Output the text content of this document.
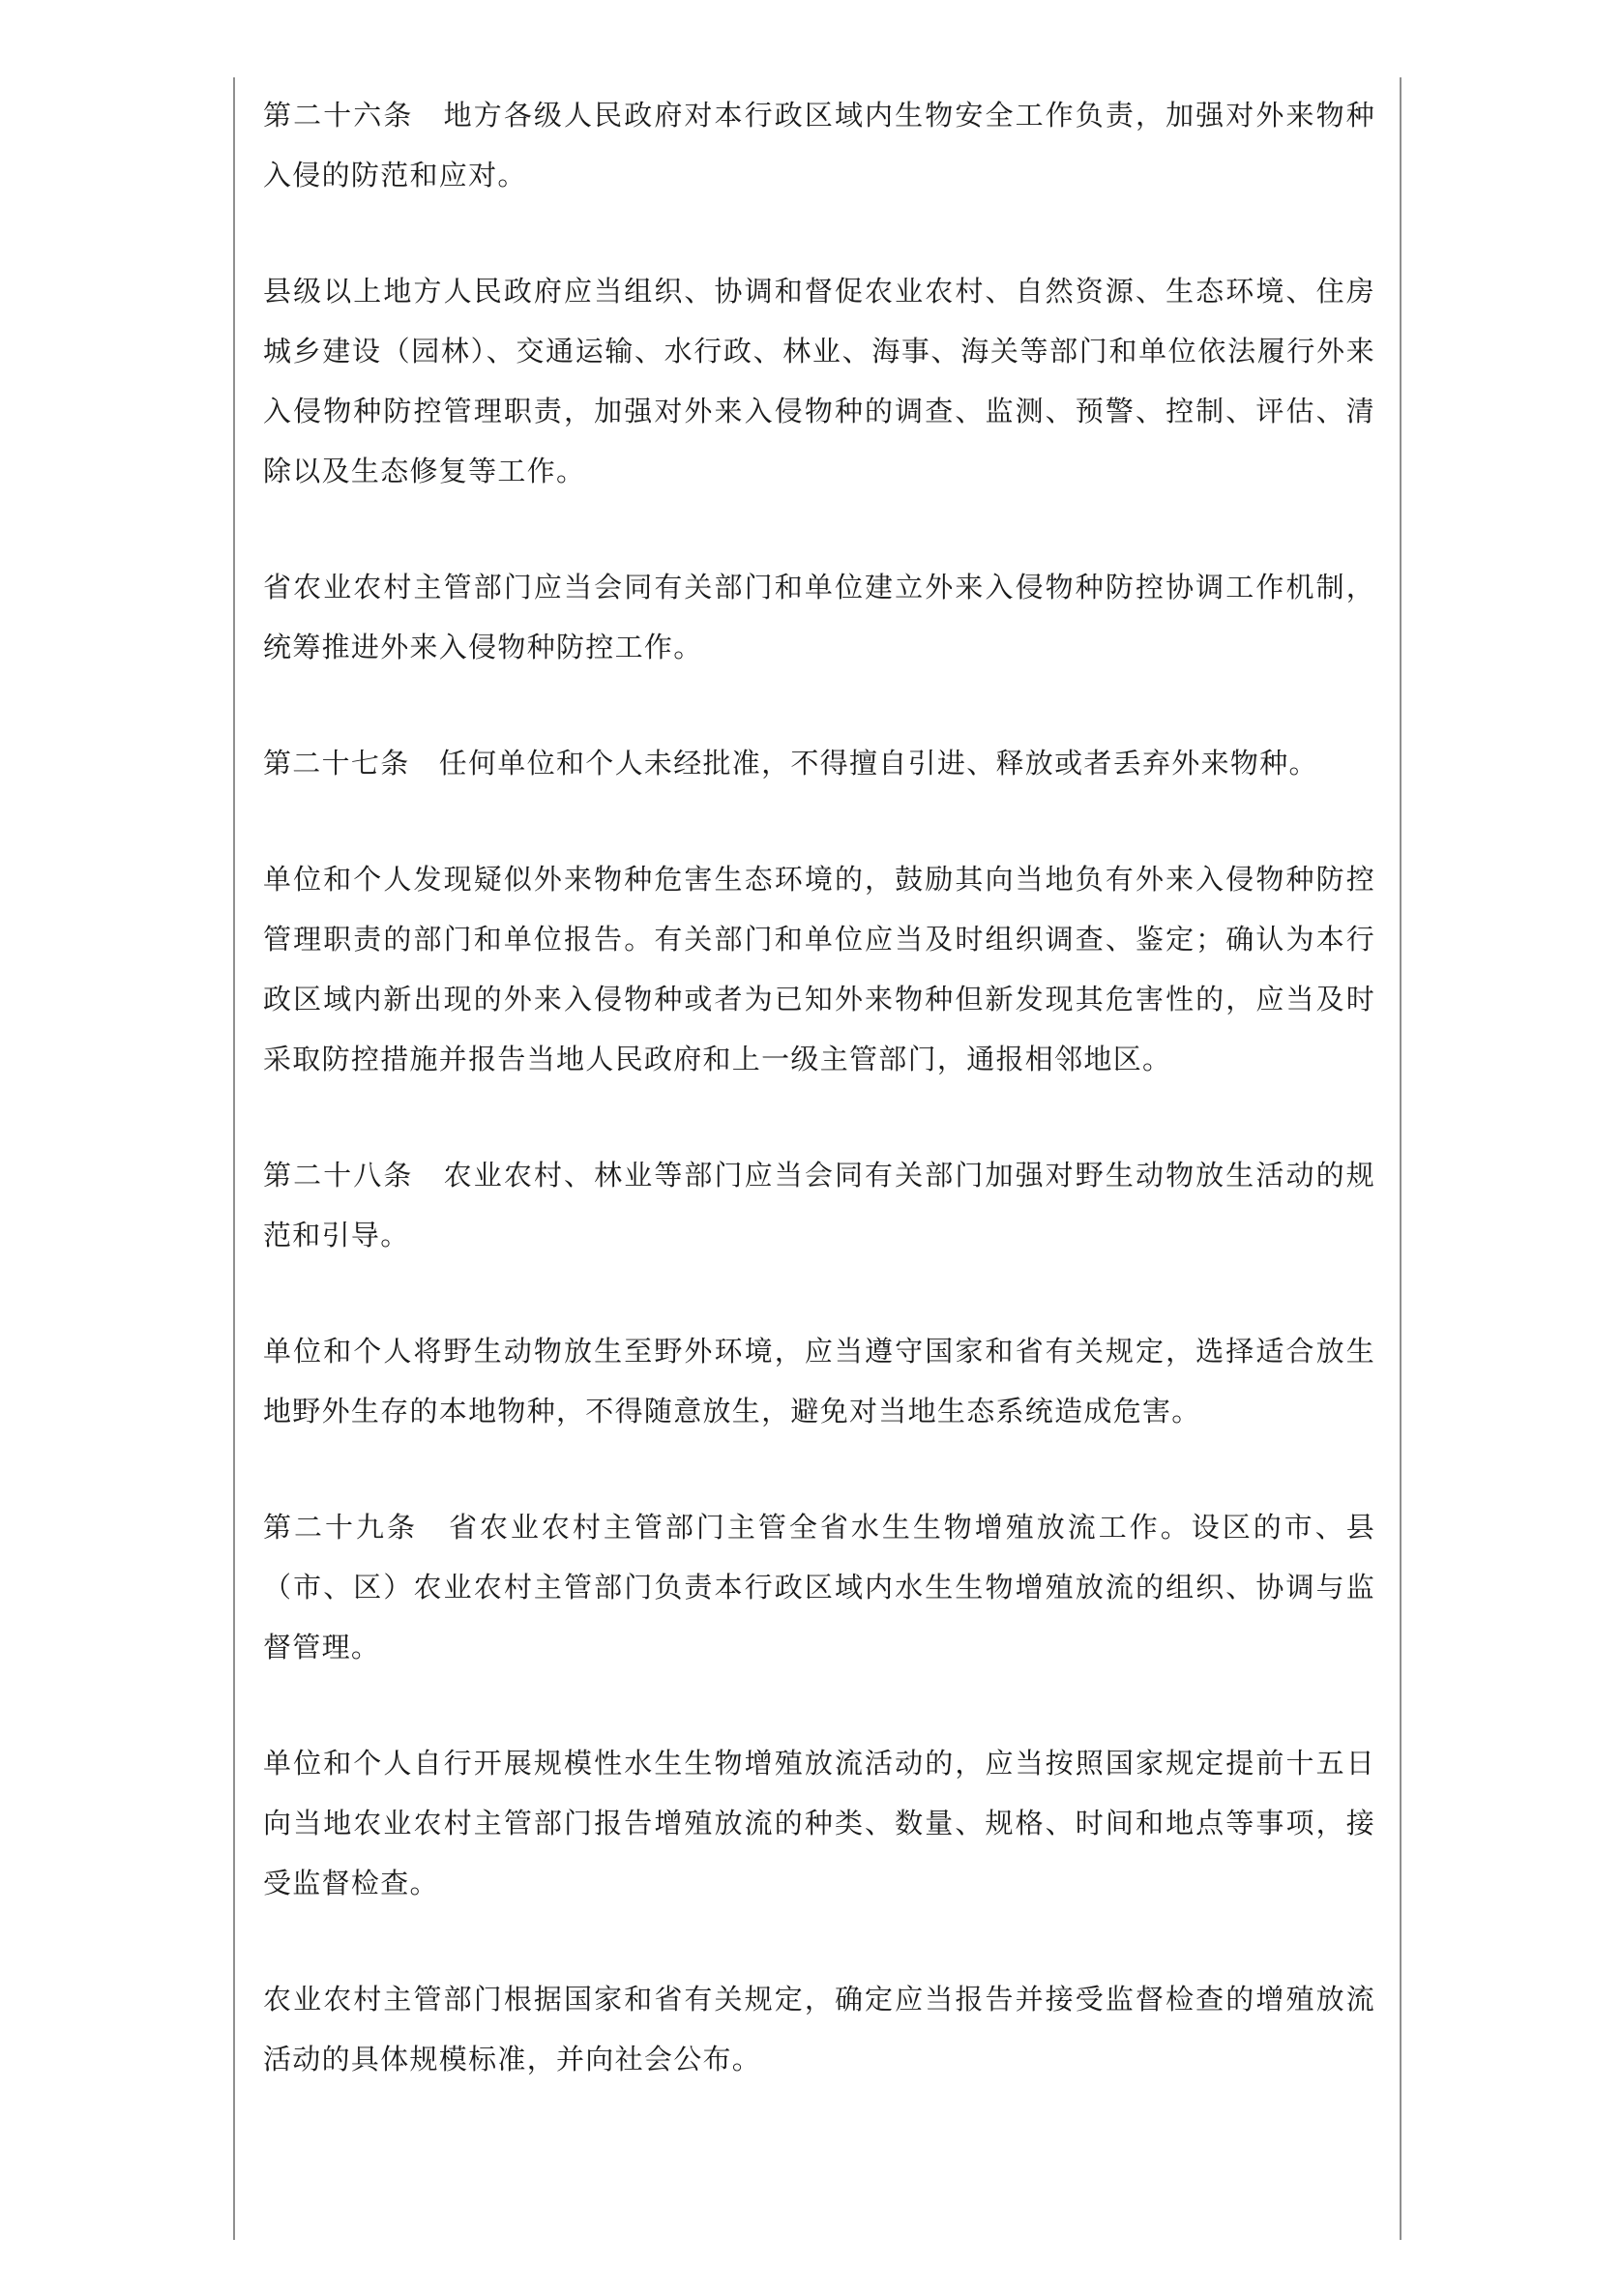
第二十六条　地方各级人民政府对本行政区域内生物安全工作负责，加强对外来物种入侵的防范和应对。

县级以上地方人民政府应当组织、协调和督促农业农村、自然资源、生态环境、住房城乡建设（园林）、交通运输、水行政、林业、海事、海关等部门和单位依法履行外来入侵物种防控管理职责，加强对外来入侵物种的调查、监测、预警、控制、评估、清除以及生态修复等工作。

省农业农村主管部门应当会同有关部门和单位建立外来入侵物种防控协调工作机制，统筹推进外来入侵物种防控工作。

第二十七条　任何单位和个人未经批准，不得擅自引进、释放或者丢弃外来物种。

单位和个人发现疑似外来物种危害生态环境的，鼓励其向当地负有外来入侵物种防控管理职责的部门和单位报告。有关部门和单位应当及时组织调查、鉴定；确认为本行政区域内新出现的外来入侵物种或者为已知外来物种但新发现其危害性的，应当及时采取防控措施并报告当地人民政府和上一级主管部门，通报相邻地区。

第二十八条　农业农村、林业等部门应当会同有关部门加强对野生动物放生活动的规范和引导。

单位和个人将野生动物放生至野外环境，应当遵守国家和省有关规定，选择适合放生地野外生存的本地物种，不得随意放生，避免对当地生态系统造成危害。

第二十九条　省农业农村主管部门主管全省水生生物增殖放流工作。设区的市、县（市、区）农业农村主管部门负责本行政区域内水生生物增殖放流的组织、协调与监督管理。

单位和个人自行开展规模性水生生物增殖放流活动的，应当按照国家规定提前十五日向当地农业农村主管部门报告增殖放流的种类、数量、规格、时间和地点等事项，接受监督检查。

农业农村主管部门根据国家和省有关规定，确定应当报告并接受监督检查的增殖放流活动的具体规模标准，并向社会公布。
